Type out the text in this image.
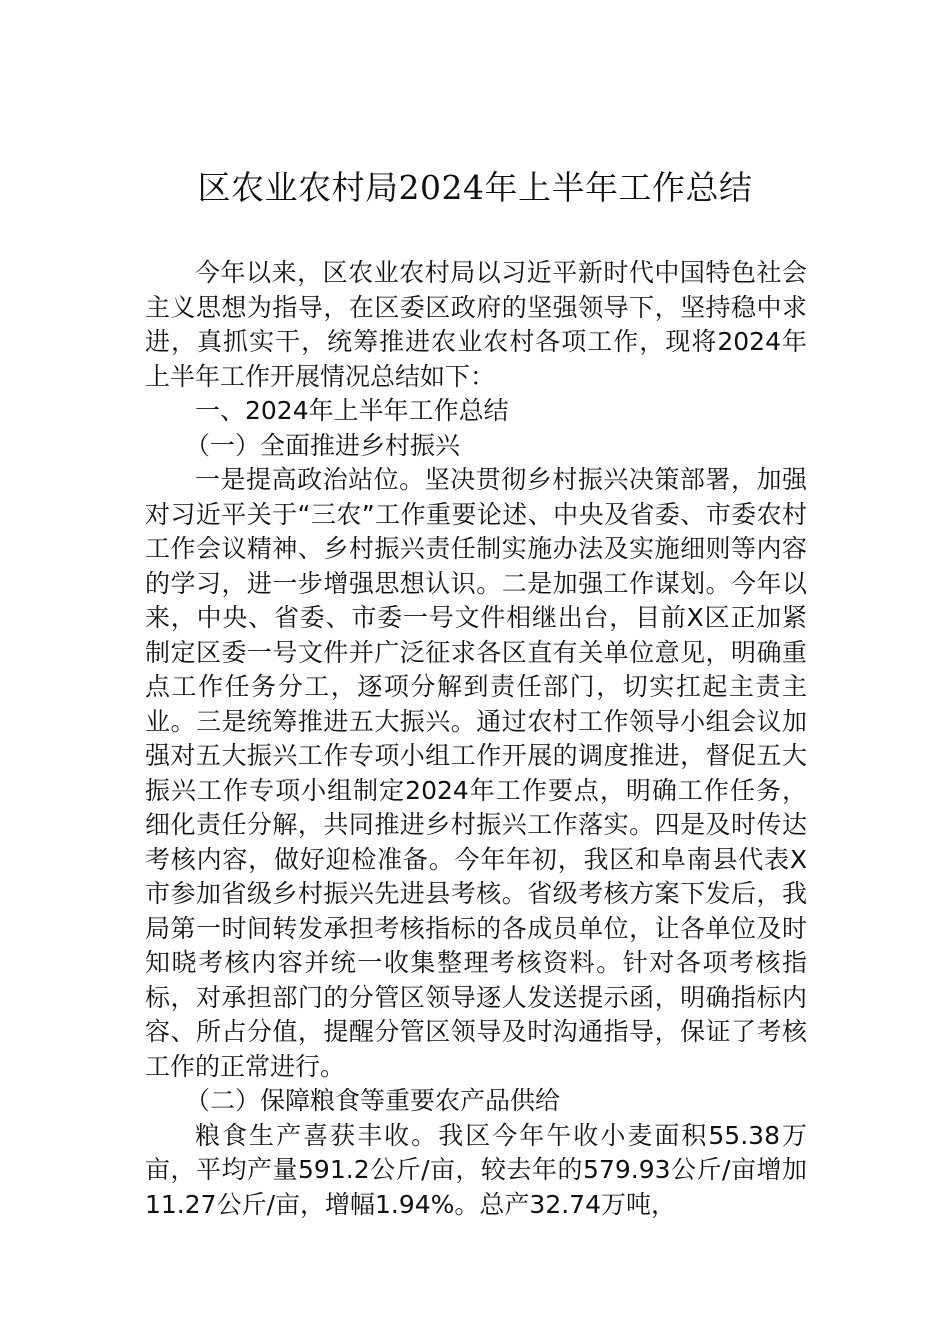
区农业农村局2024年上半年工作总结

今年以来，区农业农村局以习近平新时代中国特色社会主义思想为指导，在区委区政府的坚强领导下，坚持稳中求进，真抓实干，统筹推进农业农村各项工作，现将2024年上半年工作开展情况总结如下：

一、2024年上半年工作总结

（一）全面推进乡村振兴

一是提高政治站位。坚决贯彻乡村振兴决策部署，加强对习近平关于“三农”工作重要论述、中央及省委、市委农村工作会议精神、乡村振兴责任制实施办法及实施细则等内容的学习，进一步增强思想认识。二是加强工作谋划。今年以来，中央、省委、市委一号文件相继出台，目前X区正加紧制定区委一号文件并广泛征求各区直有关单位意见，明确重点工作任务分工，逐项分解到责任部门，切实扛起主责主业。三是统筹推进五大振兴。通过农村工作领导小组会议加强对五大振兴工作专项小组工作开展的调度推进，督促五大振兴工作专项小组制定2024年工作要点，明确工作任务，细化责任分解，共同推进乡村振兴工作落实。四是及时传达考核内容，做好迎检准备。今年年初，我区和阜南县代表X市参加省级乡村振兴先进县考核。省级考核方案下发后，我局第一时间转发承担考核指标的各成员单位，让各单位及时知晓考核内容并统一收集整理考核资料。针对各项考核指标，对承担部门的分管区领导逐人发送提示函，明确指标内容、所占分值，提醒分管区领导及时沟通指导，保证了考核工作的正常进行。

（二）保障粮食等重要农产品供给

粮食生产喜获丰收。我区今年午收小麦面积55.38万亩，平均产量591.2公斤/亩，较去年的579.93公斤/亩增加11.27公斤/亩，增幅1.94%。总产32.74万吨，
